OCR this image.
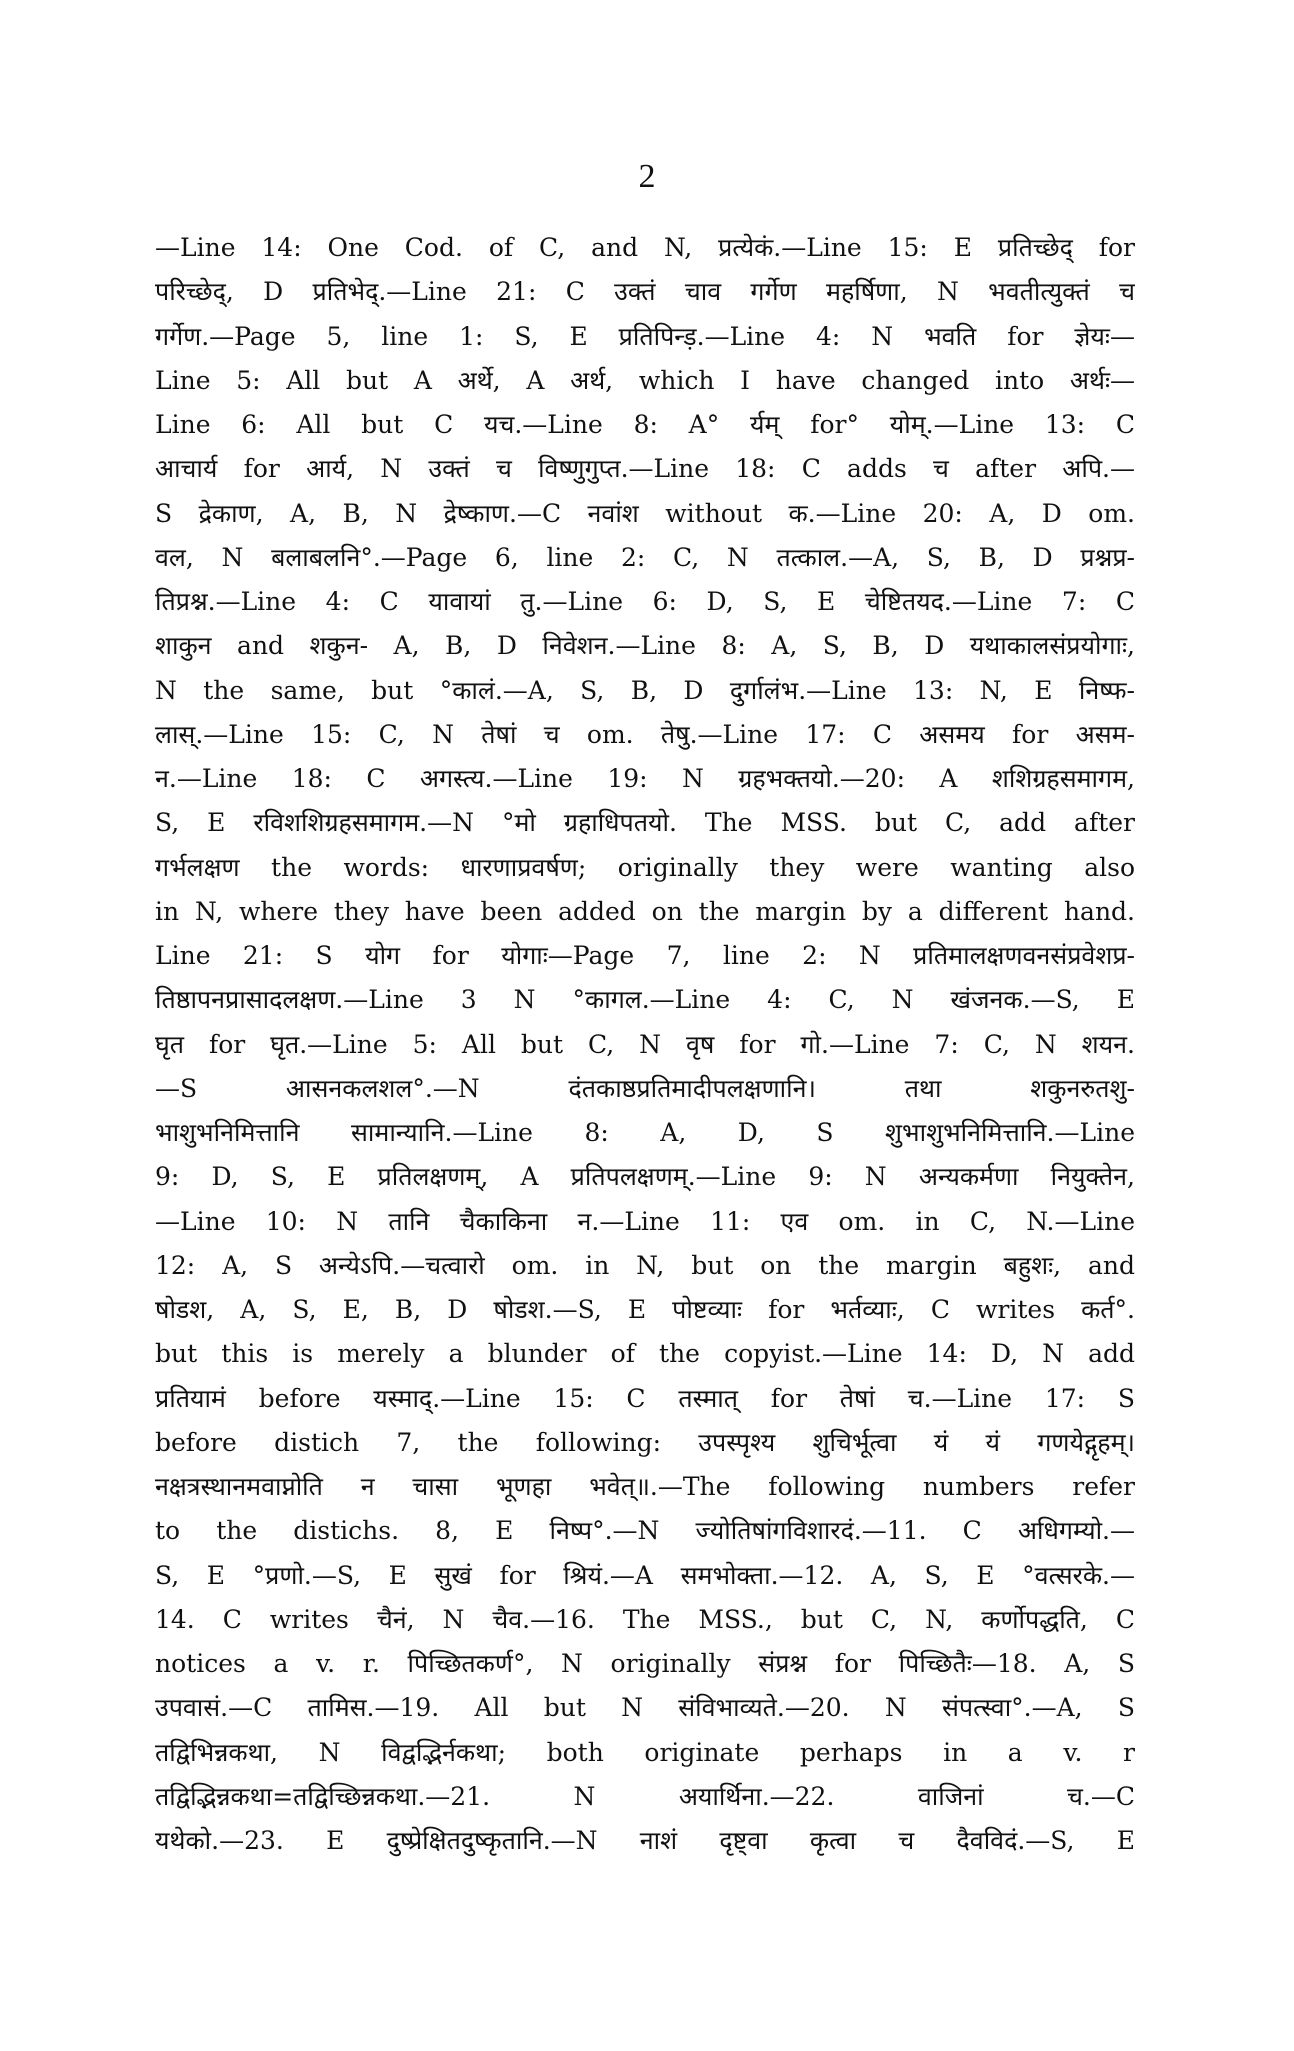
2
—Line 14: One Cod. of C, and N, प्रत्येकं.—Line 15: E प्रतिच्छेद् for
परिच्छेद्, D प्रतिभेद्.—Line 21: C उक्तं चाव गर्गेण महर्षिणा, N भवतीत्युक्तं च
गर्गेण.—Page 5, line 1: S, E प्रतिपिन्ड़.—Line 4: N भवति for ज्ञेयः—
Line 5: All but A अर्थे, A अर्थ, which I have changed into अर्थः—
Line 6: All but C यच.—Line 8: A° र्यम् for° योम्.—Line 13: C
आचार्य for आर्य, N उक्तं च विष्णुगुप्त.—Line 18: C adds च after अपि.—
S द्रेकाण, A, B, N द्रेष्काण.—C नवांश without क.—Line 20: A, D om.
वल, N बलाबलनि°.—Page 6, line 2: C, N तत्काल.—A, S, B, D प्रश्नप्र-
तिप्रश्न.—Line 4: C यावायां तु.—Line 6: D, S, E चेष्टितयद.—Line 7: C
शाकुन and शकुन- A, B, D निवेशन.—Line 8: A, S, B, D यथाकालसंप्रयोगाः,
N the same, but °कालं.—A, S, B, D दुर्गालंभ.—Line 13: N, E निष्फ-
लास्.—Line 15: C, N तेषां च om. तेषु.—Line 17: C असमय for असम-
न.—Line 18: C अगस्त्य.—Line 19: N ग्रहभक्तयो.—20: A शशिग्रहसमागम,
S, E रविशशिग्रहसमागम.—N °मो ग्रहाधिपतयो. The MSS. but C, add after
गर्भलक्षण the words: धारणाप्रवर्षण; originally they were wanting also
in N, where they have been added on the margin by a different hand.
Line 21: S योग for योगाः—Page 7, line 2: N प्रतिमालक्षणवनसंप्रवेशप्र-
तिष्ठापनप्रासादलक्षण.—Line 3 N °कागल.—Line 4: C, N खंजनक.—S, E
घृत for घृत.—Line 5: All but C, N वृष for गो.—Line 7: C, N शयन.
—S आसनकलशल°.—N दंतकाष्ठप्रतिमादीपलक्षणानि। तथा शकुनरुतशु-
भाशुभनिमित्तानि सामान्यानि.—Line 8: A, D, S शुभाशुभनिमित्तानि.—Line
9: D, S, E प्रतिलक्षणम्, A प्रतिपलक्षणम्.—Line 9: N अन्यकर्मणा नियुक्तेन,
—Line 10: N तानि चैकाकिना न.—Line 11: एव om. in C, N.—Line
12: A, S अन्येऽपि.—चत्वारो om. in N, but on the margin बहुशः, and
षोडश, A, S, E, B, D षोडश.—S, E पोष्टव्याः for भर्तव्याः, C writes कर्त°.
but this is merely a blunder of the copyist.—Line 14: D, N add
प्रतियामं before यस्माद्.—Line 15: C तस्मात् for तेषां च.—Line 17: S
before distich 7, the following: उपस्पृश्य शुचिर्भूत्वा यं यं गणयेद्गृहम्।
नक्षत्रस्थानमवाप्नोति न चासा भूणहा भवेत्॥.—The following numbers refer
to the distichs. 8, E निष्प°.—N ज्योतिषांगविशारदं.—11. C अधिगम्यो.—
S, E °प्रणो.—S, E सुखं for श्रियं.—A समभोक्ता.—12. A, S, E °वत्सरके.—
14. C writes चैनं, N चैव.—16. The MSS., but C, N, कर्णोपद्धति, C
notices a v. r. पिच्छितकर्ण°, N originally संप्रश्न for पिच्छितैः—18. A, S
उपवासं.—C तामिस.—19. All but N संविभाव्यते.—20. N संपत्स्वा°.—A, S
तद्विभिन्नकथा, N विद्वद्भिर्नकथा; both originate perhaps in a v. r
तद्विद्भिन्नकथा=तद्विच्छिन्नकथा.—21. N अयार्थिना.—22. वाजिनां च.—C
यथेको.—23. E दुष्प्रेक्षितदुष्कृतानि.—N नाशं दृष्ट्वा कृत्वा च दैवविदं.—S, E
